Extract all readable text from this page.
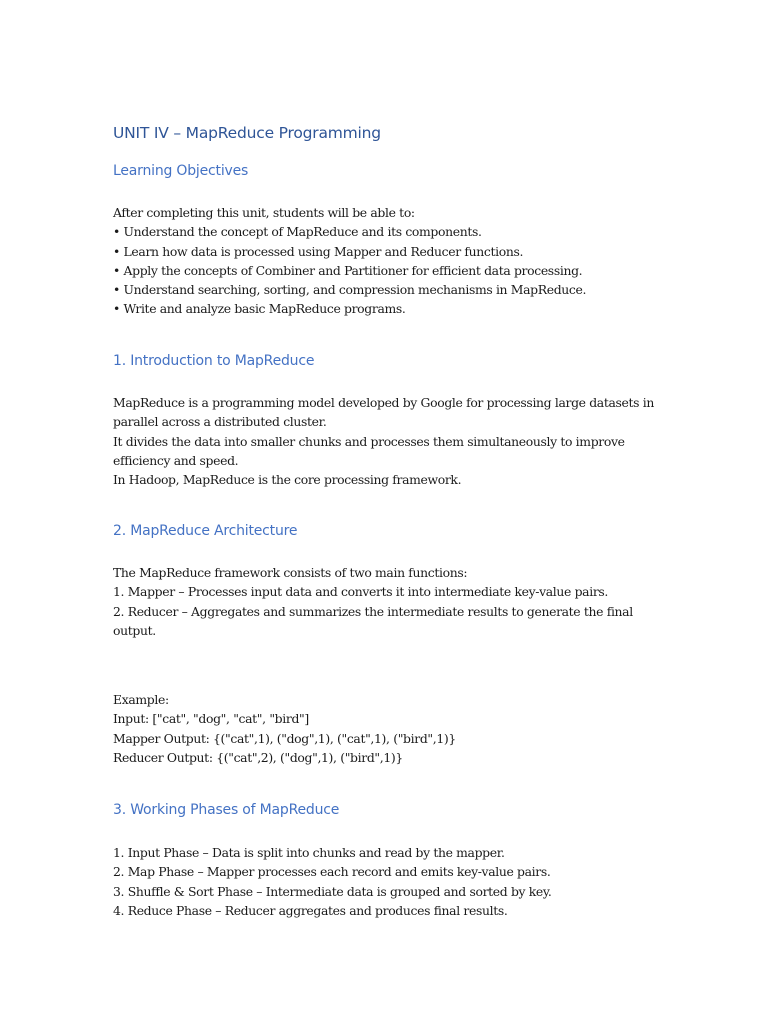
UNIT IV – MapReduce Programming
Learning Objectives
After completing this unit, students will be able to:
• Understand the concept of MapReduce and its components.
• Learn how data is processed using Mapper and Reducer functions.
• Apply the concepts of Combiner and Partitioner for efficient data processing.
• Understand searching, sorting, and compression mechanisms in MapReduce.
• Write and analyze basic MapReduce programs.
1. Introduction to MapReduce
MapReduce is a programming model developed by Google for processing large datasets in
parallel across a distributed cluster.
It divides the data into smaller chunks and processes them simultaneously to improve
efficiency and speed.
In Hadoop, MapReduce is the core processing framework.
2. MapReduce Architecture
The MapReduce framework consists of two main functions:
1. Mapper – Processes input data and converts it into intermediate key-value pairs.
2. Reducer – Aggregates and summarizes the intermediate results to generate the final
output.
Example:
Input: ["cat", "dog", "cat", "bird"]
Mapper Output: {("cat",1), ("dog",1), ("cat",1), ("bird",1)}
Reducer Output: {("cat",2), ("dog",1), ("bird",1)}
3. Working Phases of MapReduce
1. Input Phase – Data is split into chunks and read by the mapper.
2. Map Phase – Mapper processes each record and emits key-value pairs.
3. Shuffle & Sort Phase – Intermediate data is grouped and sorted by key.
4. Reduce Phase – Reducer aggregates and produces final results.
